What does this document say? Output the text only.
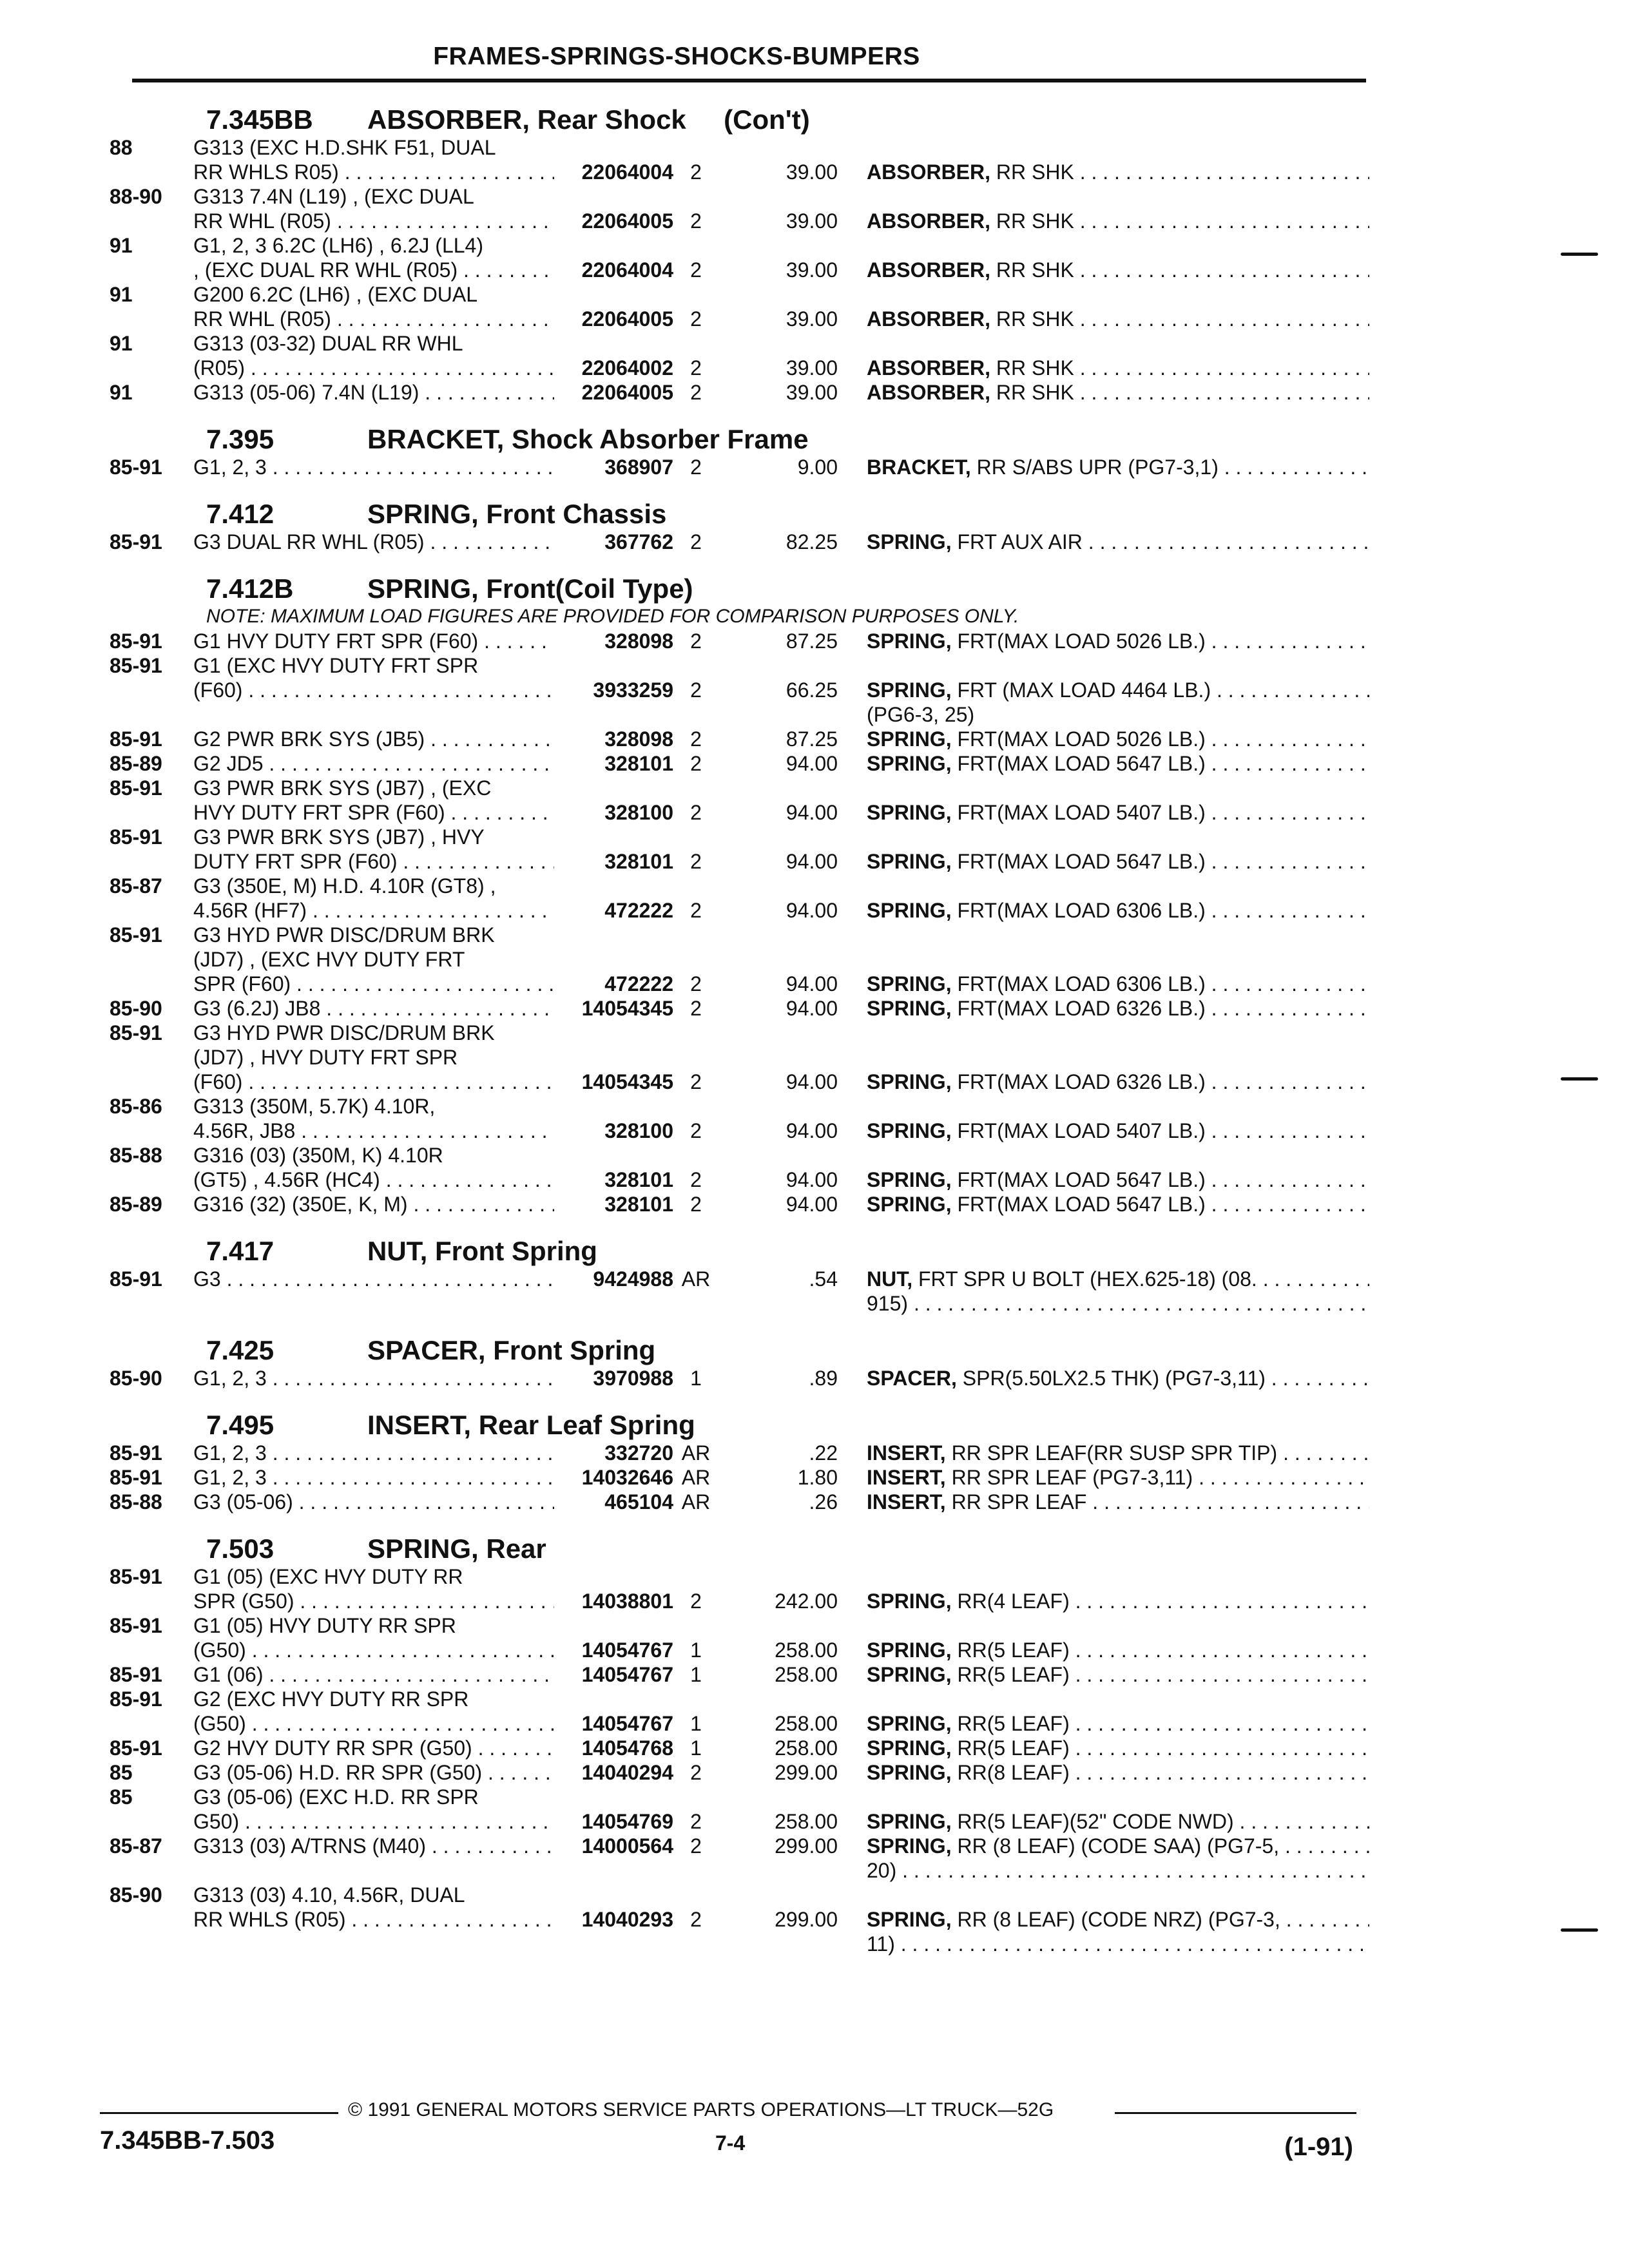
FRAMES-SPRINGS-SHOCKS-BUMPERS
7.345BB	ABSORBER, Rear Shock     (Con't)
88	G313 (EXC H.D.SHK F51, DUAL
RR WHLS R05) . . .	22064004 2	39.00 ABSORBER, RR SHK . . .
88-90	G313 7.4N (L19) , (EXC DUAL
RR WHL (R05) . . .	22064005 2	39.00 ABSORBER, RR SHK . . .
91	G1, 2, 3 6.2C (LH6) , 6.2J (LL4)
, (EXC DUAL RR WHL (R05) . . .	22064004 2	39.00 ABSORBER, RR SHK . . .
91	G200 6.2C (LH6) , (EXC DUAL
RR WHL (R05) . . .	22064005 2	39.00 ABSORBER, RR SHK . . .
91	G313 (03-32) DUAL RR WHL
(R05) . . .	22064002 2	39.00 ABSORBER, RR SHK . . .
91	G313 (05-06) 7.4N (L19) . . .	22064005 2	39.00 ABSORBER, RR SHK . . .
7.395	BRACKET, Shock Absorber Frame
85-91	G1, 2, 3 . . .	368907 2	9.00 BRACKET, RR S/ABS UPR (PG7-3,1) . . .
7.412	SPRING, Front Chassis
85-91	G3 DUAL RR WHL (R05) . . .	367762 2	82.25 SPRING, FRT AUX AIR . . .
7.412B	SPRING, Front(Coil Type)
NOTE: MAXIMUM LOAD FIGURES ARE PROVIDED FOR COMPARISON PURPOSES ONLY.
85-91	G1 HVY DUTY FRT SPR (F60) . . .	328098 2	87.25 SPRING, FRT(MAX LOAD 5026 LB.) . . .
85-91	G1 (EXC HVY DUTY FRT SPR
(F60) . . .	3933259 2	66.25 SPRING, FRT (MAX LOAD 4464 LB.) . . .
(PG6-3, 25)
85-91	G2 PWR BRK SYS (JB5) . . .	328098 2	87.25 SPRING, FRT(MAX LOAD 5026 LB.) . . .
85-89	G2 JD5 . . .	328101 2	94.00 SPRING, FRT(MAX LOAD 5647 LB.) . . .
85-91	G3 PWR BRK SYS (JB7) , (EXC
HVY DUTY FRT SPR (F60) . . .	328100 2	94.00 SPRING, FRT(MAX LOAD 5407 LB.) . . .
85-91	G3 PWR BRK SYS (JB7) , HVY
DUTY FRT SPR (F60) . . .	328101 2	94.00 SPRING, FRT(MAX LOAD 5647 LB.) . . .
85-87	G3 (350E, M) H.D. 4.10R (GT8) ,
4.56R (HF7) . . .	472222 2	94.00 SPRING, FRT(MAX LOAD 6306 LB.) . . .
85-91	G3 HYD PWR DISC/DRUM BRK
(JD7) , (EXC HVY DUTY FRT
SPR (F60) . . .	472222 2	94.00 SPRING, FRT(MAX LOAD 6306 LB.) . . .
85-90	G3 (6.2J) JB8 . . .	14054345 2	94.00 SPRING, FRT(MAX LOAD 6326 LB.) . . .
85-91	G3 HYD PWR DISC/DRUM BRK
(JD7) , HVY DUTY FRT SPR
(F60) . . .	14054345 2	94.00 SPRING, FRT(MAX LOAD 6326 LB.) . . .
85-86	G313 (350M, 5.7K) 4.10R,
4.56R, JB8 . . .	328100 2	94.00 SPRING, FRT(MAX LOAD 5407 LB.) . . .
85-88	G316 (03) (350M, K) 4.10R
(GT5) , 4.56R (HC4) . . .	328101 2	94.00 SPRING, FRT(MAX LOAD 5647 LB.) . . .
85-89	G316 (32) (350E, K, M) . . .	328101 2	94.00 SPRING, FRT(MAX LOAD 5647 LB.) . . .
7.417	NUT, Front Spring
85-91	G3 . . .	9424988 AR	.54 NUT, FRT SPR U BOLT (HEX.625-18) (08. . . .
915) . . .
7.425	SPACER, Front Spring
85-90	G1, 2, 3 . . .	3970988 1	.89 SPACER, SPR(5.50LX2.5 THK) (PG7-3,11) . . .
7.495	INSERT, Rear Leaf Spring
85-91	G1, 2, 3 . . .	332720 AR	.22 INSERT, RR SPR LEAF(RR SUSP SPR TIP) . . .
85-91	G1, 2, 3 . . .	14032646 AR	1.80 INSERT, RR SPR LEAF (PG7-3,11) . . .
85-88	G3 (05-06) . . .	465104 AR	.26 INSERT, RR SPR LEAF . . .
7.503	SPRING, Rear
85-91	G1 (05) (EXC HVY DUTY RR
SPR (G50) . . .	14038801 2	242.00 SPRING, RR(4 LEAF) . . .
85-91	G1 (05) HVY DUTY RR SPR
(G50) . . .	14054767 1	258.00 SPRING, RR(5 LEAF) . . .
85-91	G1 (06) . . .	14054767 1	258.00 SPRING, RR(5 LEAF) . . .
85-91	G2 (EXC HVY DUTY RR SPR
(G50) . . .	14054767 1	258.00 SPRING, RR(5 LEAF) . . .
85-91	G2 HVY DUTY RR SPR (G50) . . .	14054768 1	258.00 SPRING, RR(5 LEAF) . . .
85	G3 (05-06) H.D. RR SPR (G50) . . .	14040294 2	299.00 SPRING, RR(8 LEAF) . . .
85	G3 (05-06) (EXC H.D. RR SPR
G50) . . .	14054769 2	258.00 SPRING, RR(5 LEAF)(52" CODE NWD) . . .
85-87	G313 (03) A/TRNS (M40) . . .	14000564 2	299.00 SPRING, RR (8 LEAF) (CODE SAA) (PG7-5, . . .
20) . . .
85-90	G313 (03) 4.10, 4.56R, DUAL
RR WHLS (R05) . . .	14040293 2	299.00 SPRING, RR (8 LEAF) (CODE NRZ) (PG7-3, . . .
11) . . .
© 1991 GENERAL MOTORS SERVICE PARTS OPERATIONS—LT TRUCK—52G
7.345BB-7.503	7-4	(1-91)
